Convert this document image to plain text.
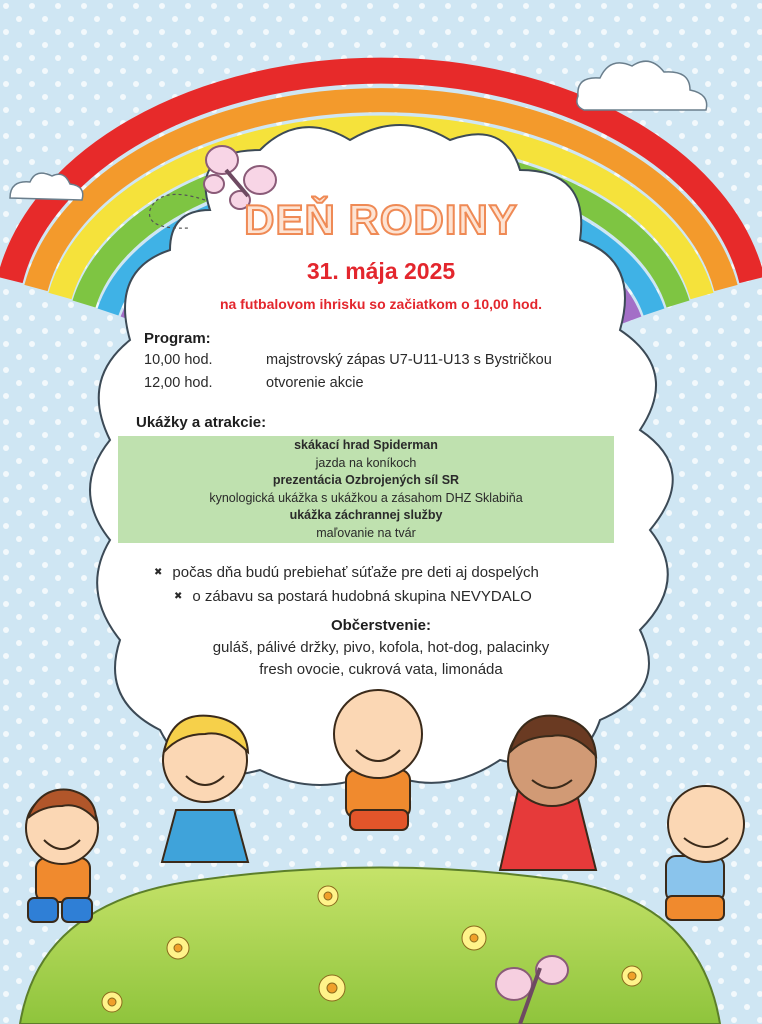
DEŇ RODINY
31. mája 2025
na futbalovom ihrisku so začiatkom o 10,00 hod.
Program:
10,00 hod.	majstrovský zápas U7-U11-U13 s Bystričkou
12,00 hod.	otvorenie akcie
Ukážky a atrakcie:
skákací hrad Spiderman
jazda na koníkoch
prezentácia Ozbrojených síl SR
kynologická ukážka s ukážkou a zásahom DHZ Sklabiňa
ukážka záchrannej služby
maľovanie na tvár
✖ počas dňa budú prebiehať súťaže pre deti aj dospelých
✖ o zábavu sa postará hudobná skupina NEVYDALO
Občerstvenie:
guláš, pálivé držky, pivo, kofola, hot-dog, palacinky
fresh ovocie, cukrová vata, limonáda
